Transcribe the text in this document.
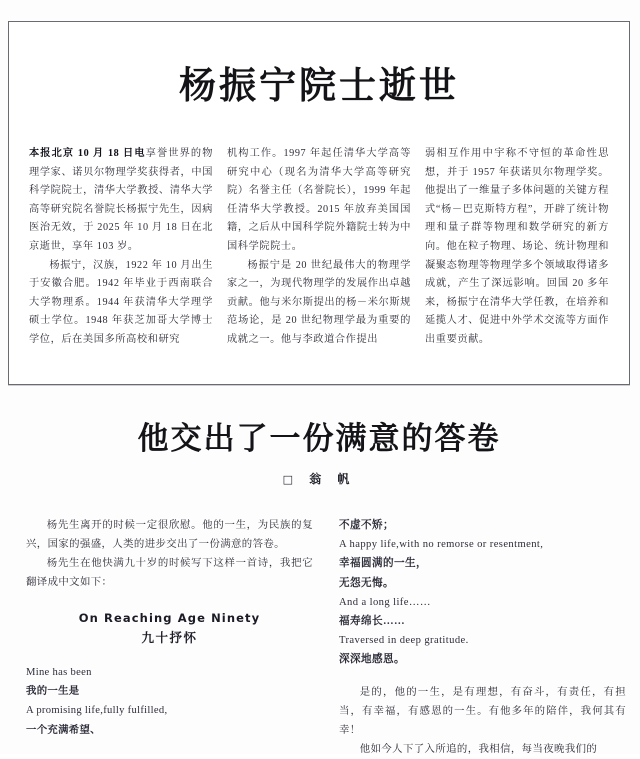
杨振宁院士逝世
本报北京 10 月 18 日电享誉世界的物理学家、诺贝尔物理学奖获得者，中国科学院院士，清华大学教授、清华大学高等研究院名誉院长杨振宁先生，因病医治无效，于 2025 年 10 月 18 日在北京逝世，享年 103 岁。
杨振宁，汉族，1922 年 10 月出生于安徽合肥。1942 年毕业于西南联合大学物理系。1944 年获清华大学理学硕士学位。1948 年获芝加哥大学博士学位，后在美国多所高校和研究
机构工作。1997 年起任清华大学高等研究中心（现名为清华大学高等研究院）名誉主任（名誉院长），1999 年起任清华大学教授。2015 年放弃美国国籍，之后从中国科学院外籍院士转为中国科学院院士。
杨振宁是 20 世纪最伟大的物理学家之一，为现代物理学的发展作出卓越贡献。他与米尔斯提出的杨－米尔斯规范场论，是 20 世纪物理学最为重要的成就之一。他与李政道合作提出
弱相互作用中宇称不守恒的革命性思想，并于 1957 年获诺贝尔物理学奖。他提出了一维量子多体问题的关键方程式“杨－巴克斯特方程”，开辟了统计物理和量子群等物理和数学研究的新方向。他在粒子物理、场论、统计物理和凝聚态物理等物理学多个领域取得诸多成就，产生了深远影响。回国 20 多年来，杨振宁在清华大学任教，在培养和延揽人才、促进中外学术交流等方面作出重要贡献。
他交出了一份满意的答卷
□ 翁 帆

杨先生离开的时候一定很欣慰。他的一生，为民族的复兴，国家的强盛，人类的进步交出了一份满意的答卷。

杨先生在他快满九十岁的时候写下这样一首诗，我把它翻译成中文如下：

On Reaching Age Ninety
九十抒怀
Mine has been
我的一生是
A promising life,fully fulfilled,
一个充满希望、
不虚不矫；
A happy life,with no remorse or resentment,
幸福圆满的一生，
无怨无悔。
And a long life……
福寿绵长……
Traversed in deep gratitude.
深深地感恩。

是的，他的一生，是有理想，有奋斗，有责任，有担当，有幸福，有感恩的一生。有他多年的陪伴，我何其有幸！

他如今人下了入所追的，我相信，每当夜晚我们的
